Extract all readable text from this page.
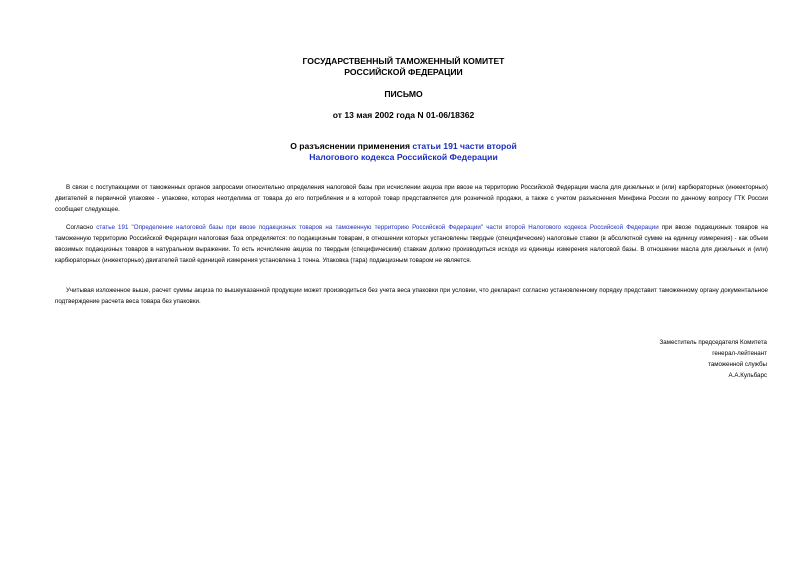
ГОСУДАРСТВЕННЫЙ ТАМОЖЕННЫЙ КОМИТЕТ
РОССИЙСКОЙ ФЕДЕРАЦИИ
ПИСЬМО
от 13 мая 2002 года N 01-06/18362
О разъяснении применения статьи 191 части второй
Налогового кодекса Российской Федерации

В связи с поступающими от таможенных органов запросами относительно определения налоговой базы при исчислении акциза при ввозе на территорию Российской Федерации масла для дизельных и (или) карбюраторных (инжекторных) двигателей в первичной упаковке - упаковке, которая неотделима от товара до его потребления и в которой товар представляется для розничной продажи, а также с учетом разъяснения Минфина России по данному вопросу ГТК России сообщает следующее.

Согласно статье 191 "Определение налоговой базы при ввозе подакцизных товаров на таможенную территорию Российской Федерации" части второй Налогового кодекса Российской Федерации при ввозе подакцизных товаров на таможенную территорию Российской Федерации налоговая база определяется: по подакцизным товарам, в отношении которых установлены твердые (специфические) налоговые ставки (в абсолютной сумме на единицу измерения) - как объем ввозимых подакцизных товаров в натуральном выражении. То есть исчисление акциза по твердым (специфическим) ставкам должно производиться исходя из единицы измерения налоговой базы. В отношении масла для дизельных и (или) карбюраторных (инжекторных) двигателей такой единицей измерения установлена 1 тонна. Упаковка (тара) подакцизным товаром не является.

Учитывая изложенное выше, расчет суммы акциза по вышеуказанной продукции может производиться без учета веса упаковки при условии, что декларант согласно установленному порядку представит таможенному органу документальное подтверждение расчета веса товара без упаковки.

Заместитель председателя Комитета
генерал-лейтенант
таможенной службы
А.А.Кульбарс
